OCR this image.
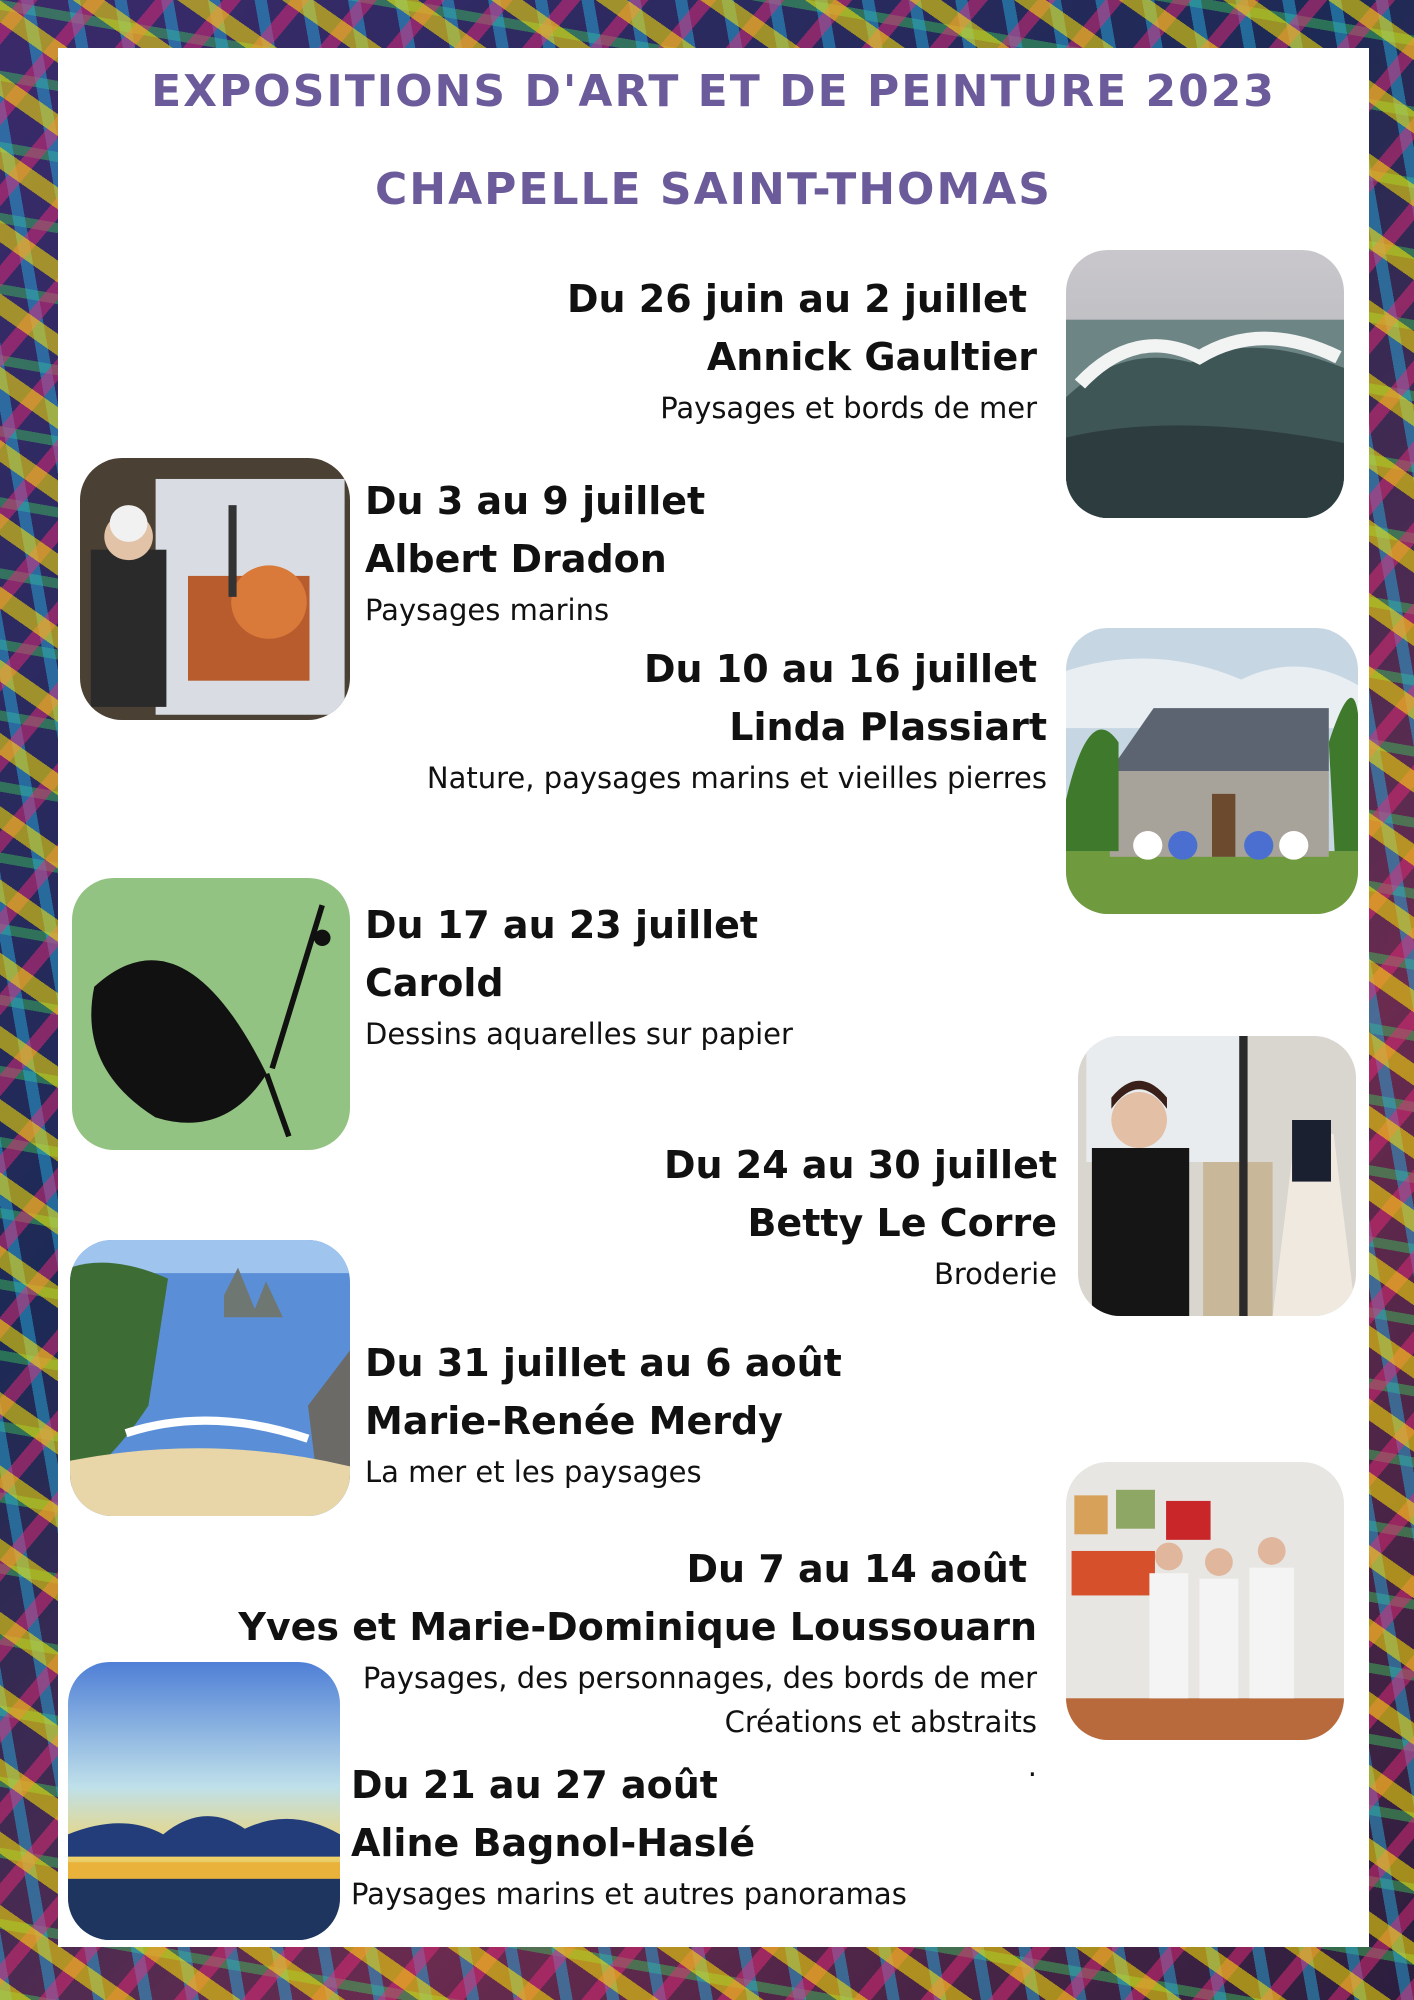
EXPOSITIONS D'ART ET DE PEINTURE 2023
CHAPELLE SAINT-THOMAS

Du 26 juin au 2 juillet

Annick Gaultier

Paysages et bords de mer

Du 3 au 9 juillet

Albert Dradon

Paysages marins

Du 10 au 16 juillet

Linda Plassiart

Nature, paysages marins et vieilles pierres

Du 17 au 23 juillet

Carold

Dessins aquarelles sur papier

Du 24 au 30 juillet

Betty Le Corre

Broderie

Du 31 juillet au 6 août

Marie-Renée Merdy

La mer et les paysages

Du 7 au 14 août

Yves et Marie-Dominique Loussouarn

Paysages, des personnages, des bords de mer

Créations et abstraits

.

Du 21 au 27 août

Aline Bagnol-Haslé

Paysages marins et autres panoramas
